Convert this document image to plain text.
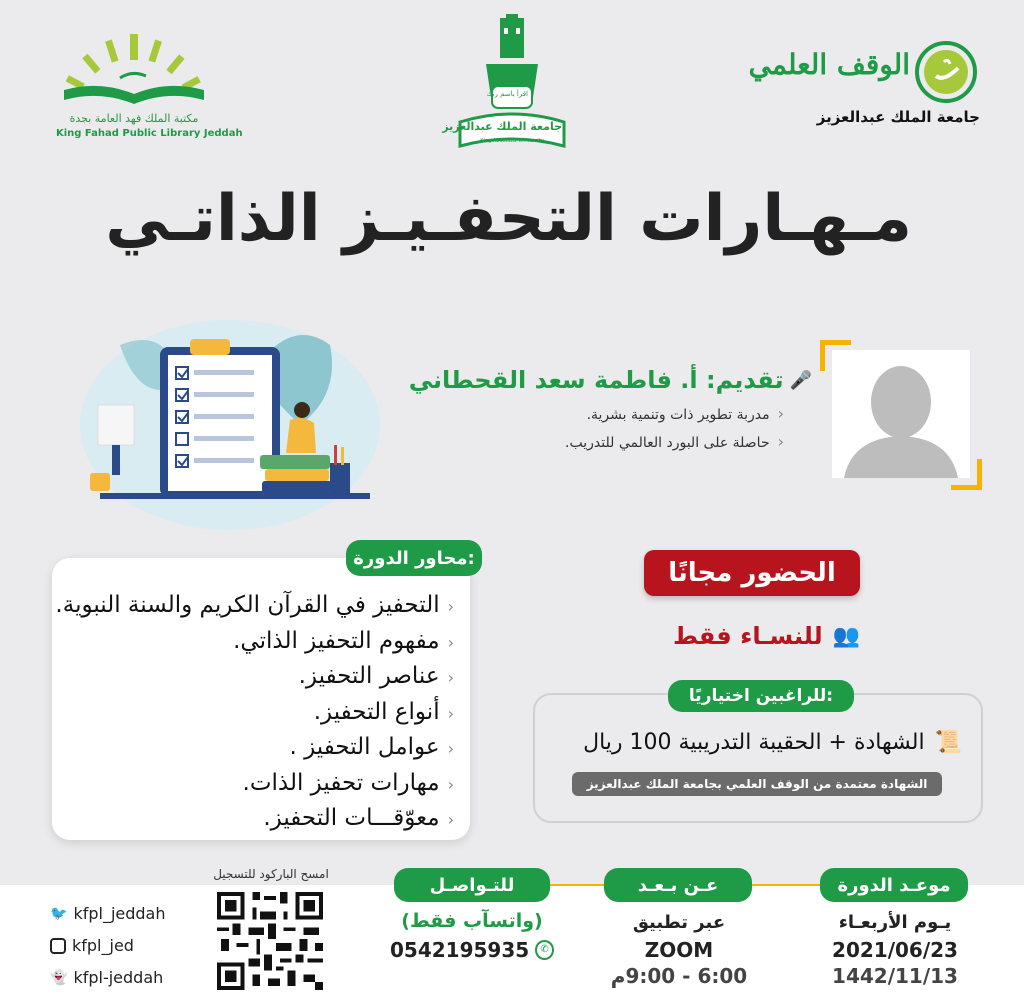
الوقف العلمي
جامعة الملك عبدالعزيز
اقرأ باسم ربك
جامعة الملك عبدالعزيز
King Abdulaziz University
مكتبة الملك فهد العامة بجدة
King Fahad Public Library Jeddah
مـهـارات التحفـيـز الذاتـي
🎤
تقديم: أ. فاطمة سعد القحطاني
‹مدربة تطوير ذات وتنمية بشرية.
‹حاصلة على البورد العالمي للتدريب.
محاور الدورة:
‹التحفيز في القرآن الكريم والسنة النبوية.
‹مفهوم التحفيز الذاتي.
‹عناصر التحفيز.
‹أنواع التحفيز.
‹عوامل التحفيز .
‹مهارات تحفيز الذات.
‹معوّقـــات التحفيز.
الحضور مجانًا
👥
للنسـاء فقط
للراغبين اختياريًا:
📜
الشهادة + الحقيبة التدريبية 100 ريال
الشهادة معتمدة من الوقف العلمي بجامعة الملك عبدالعزيز
موعـد الدورة
يـوم الأربعـاء
2021/06/23
1442/11/13
عـن بـعـد
عبر تطبيق
ZOOM
6:00 - 9:00م
للتـواصـل
(واتسآب فقط)
0542195935	✆
امسح الباركود للتسجيل
🐦 kfpl_jeddah
kfpl_jed
👻 kfpl-jeddah
